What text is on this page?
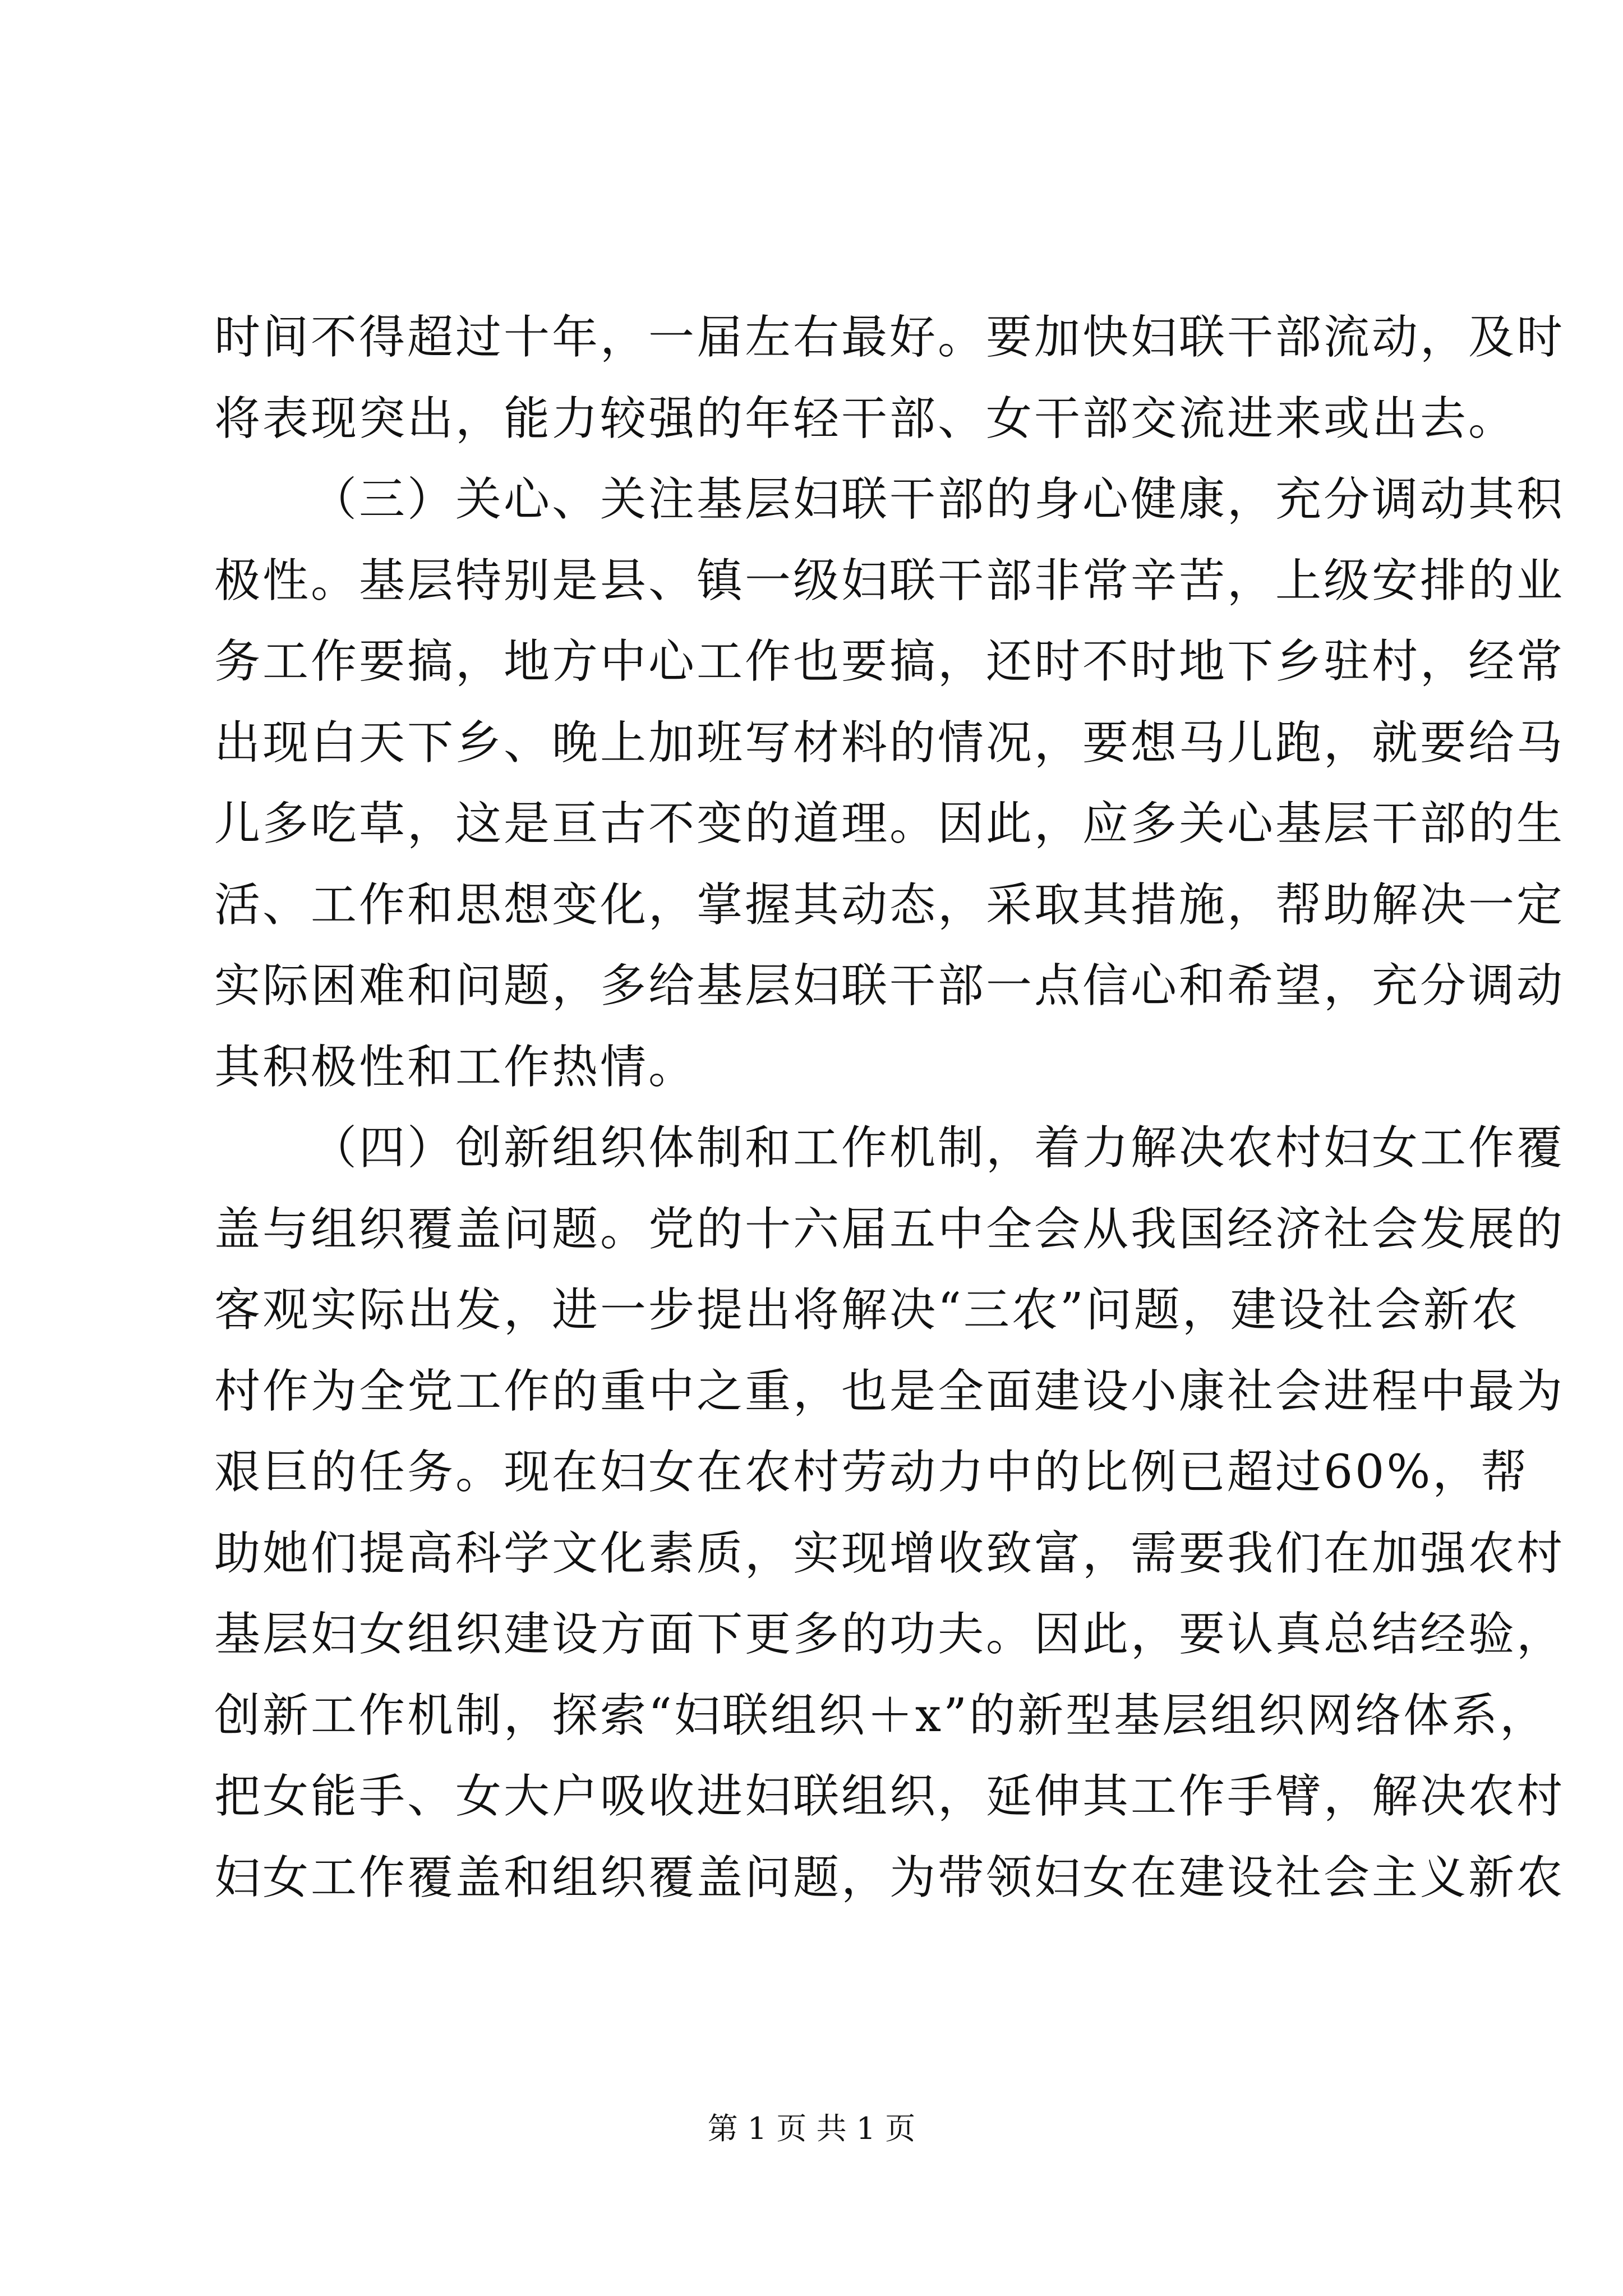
时间不得超过十年，一届左右最好。要加快妇联干部流动，及时
将表现突出，能力较强的年轻干部、女干部交流进来或出去。
（三）关心、关注基层妇联干部的身心健康，充分调动其积
极性。基层特别是县、镇一级妇联干部非常辛苦，上级安排的业
务工作要搞，地方中心工作也要搞，还时不时地下乡驻村，经常
出现白天下乡、晚上加班写材料的情况，要想马儿跑，就要给马
儿多吃草，这是亘古不变的道理。因此，应多关心基层干部的生
活、工作和思想变化，掌握其动态，采取其措施，帮助解决一定
实际困难和问题，多给基层妇联干部一点信心和希望，充分调动
其积极性和工作热情。
（四）创新组织体制和工作机制，着力解决农村妇女工作覆
盖与组织覆盖问题。党的十六届五中全会从我国经济社会发展的
客观实际出发，进一步提出将解决“三农”问题，建设社会新农
村作为全党工作的重中之重，也是全面建设小康社会进程中最为
艰巨的任务。现在妇女在农村劳动力中的比例已超过60%，帮
助她们提高科学文化素质，实现增收致富，需要我们在加强农村
基层妇女组织建设方面下更多的功夫。因此，要认真总结经验，
创新工作机制，探索“妇联组织＋x”的新型基层组织网络体系，
把女能手、女大户吸收进妇联组织，延伸其工作手臂，解决农村
妇女工作覆盖和组织覆盖问题，为带领妇女在建设社会主义新农
第 1 页 共 1 页
